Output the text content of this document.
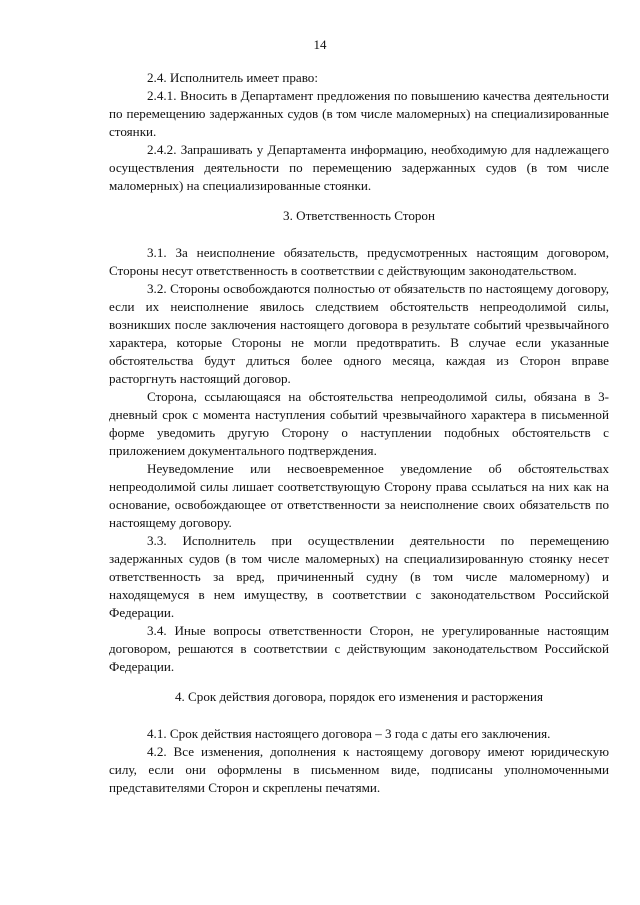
14

2.4. Исполнитель имеет право:

2.4.1. Вносить в Департамент предложения по повышению качества деятельности по перемещению задержанных судов (в том числе маломерных) на специализированные стоянки.

2.4.2. Запрашивать у Департамента информацию, необходимую для надлежащего осуществления деятельности по перемещению задержанных судов (в том числе маломерных) на специализированные стоянки.

3. Ответственность Сторон

3.1. За неисполнение обязательств, предусмотренных настоящим договором, Стороны несут ответственность в соответствии с действующим законодательством.

3.2. Стороны освобождаются полностью от обязательств по настоящему договору, если их неисполнение явилось следствием обстоятельств непреодолимой силы, возникших после заключения настоящего договора в результате событий чрезвычайного характера, которые Стороны не могли предотвратить. В случае если указанные обстоятельства будут длиться более одного месяца, каждая из Сторон вправе расторгнуть настоящий договор.

Сторона, ссылающаяся на обстоятельства непреодолимой силы, обязана в 3-дневный срок с момента наступления событий чрезвычайного характера в письменной форме уведомить другую Сторону о наступлении подобных обстоятельств с приложением документального подтверждения.

Неуведомление или несвоевременное уведомление об обстоятельствах непреодолимой силы лишает соответствующую Сторону права ссылаться на них как на основание, освобождающее от ответственности за неисполнение своих обязательств по настоящему договору.

3.3. Исполнитель при осуществлении деятельности по перемещению задержанных судов (в том числе маломерных) на специализированную стоянку несет ответственность за вред, причиненный судну (в том числе маломерному) и находящемуся в нем имуществу, в соответствии с законодательством Российской Федерации.

3.4. Иные вопросы ответственности Сторон, не урегулированные настоящим договором, решаются в соответствии с действующим законодательством Российской Федерации.

4. Срок действия договора, порядок его изменения и расторжения

4.1. Срок действия настоящего договора – 3 года с даты его заключения.

4.2. Все изменения, дополнения к настоящему договору имеют юридическую силу, если они оформлены в письменном виде, подписаны уполномоченными представителями Сторон и скреплены печатями.
